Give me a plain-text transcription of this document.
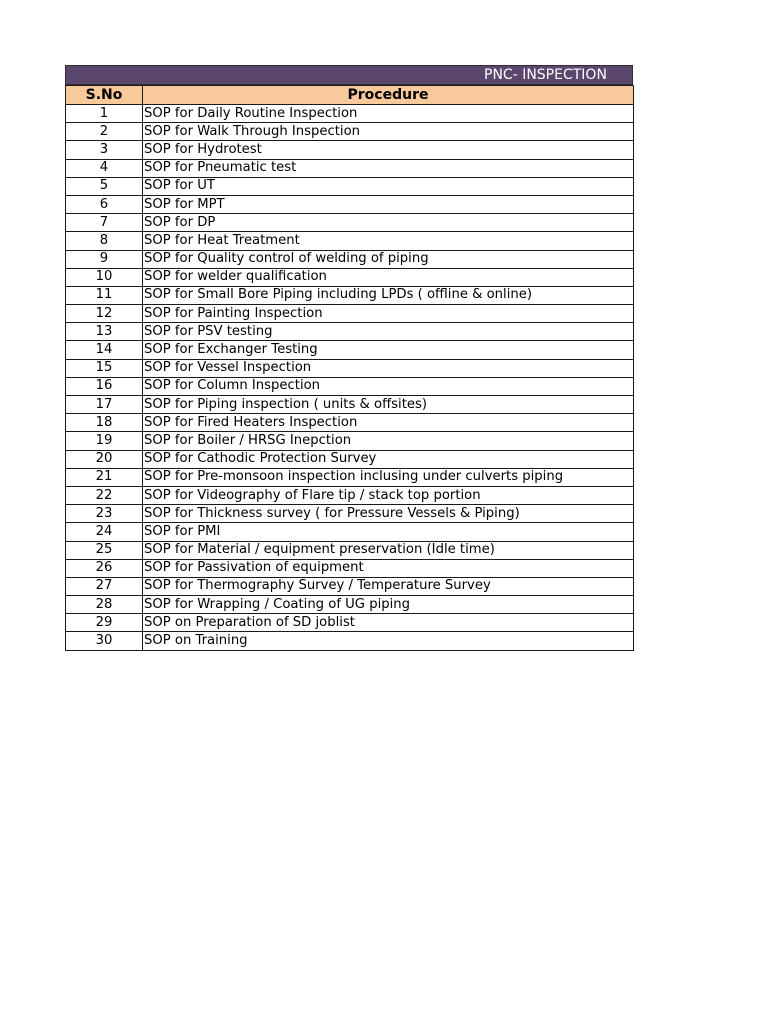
PNC- INSPECTION
S.No	Procedure
1	SOP for Daily Routine Inspection
2	SOP for Walk Through Inspection
3	SOP for Hydrotest
4	SOP for Pneumatic test
5	SOP for UT
6	SOP for MPT
7	SOP for DP
8	SOP for Heat Treatment
9	SOP for Quality control of welding of piping
10	SOP for welder qualification
11	SOP for Small Bore Piping including LPDs ( offline & online)
12	SOP for Painting Inspection
13	SOP for PSV testing
14	SOP for Exchanger Testing
15	SOP for Vessel Inspection
16	SOP for Column Inspection
17	SOP for Piping inspection ( units & offsites)
18	SOP for Fired Heaters Inspection
19	SOP for Boiler / HRSG Inepction
20	SOP for Cathodic Protection Survey
21	SOP for Pre-monsoon inspection inclusing under culverts piping
22	SOP for Videography of Flare tip / stack top portion
23	SOP for Thickness survey ( for Pressure Vessels & Piping)
24	SOP for PMI
25	SOP for Material / equipment preservation (Idle time)
26	SOP for Passivation of equipment
27	SOP for Thermography Survey / Temperature Survey
28	SOP for Wrapping / Coating of UG piping
29	SOP on Preparation of SD joblist
30	SOP on Training
